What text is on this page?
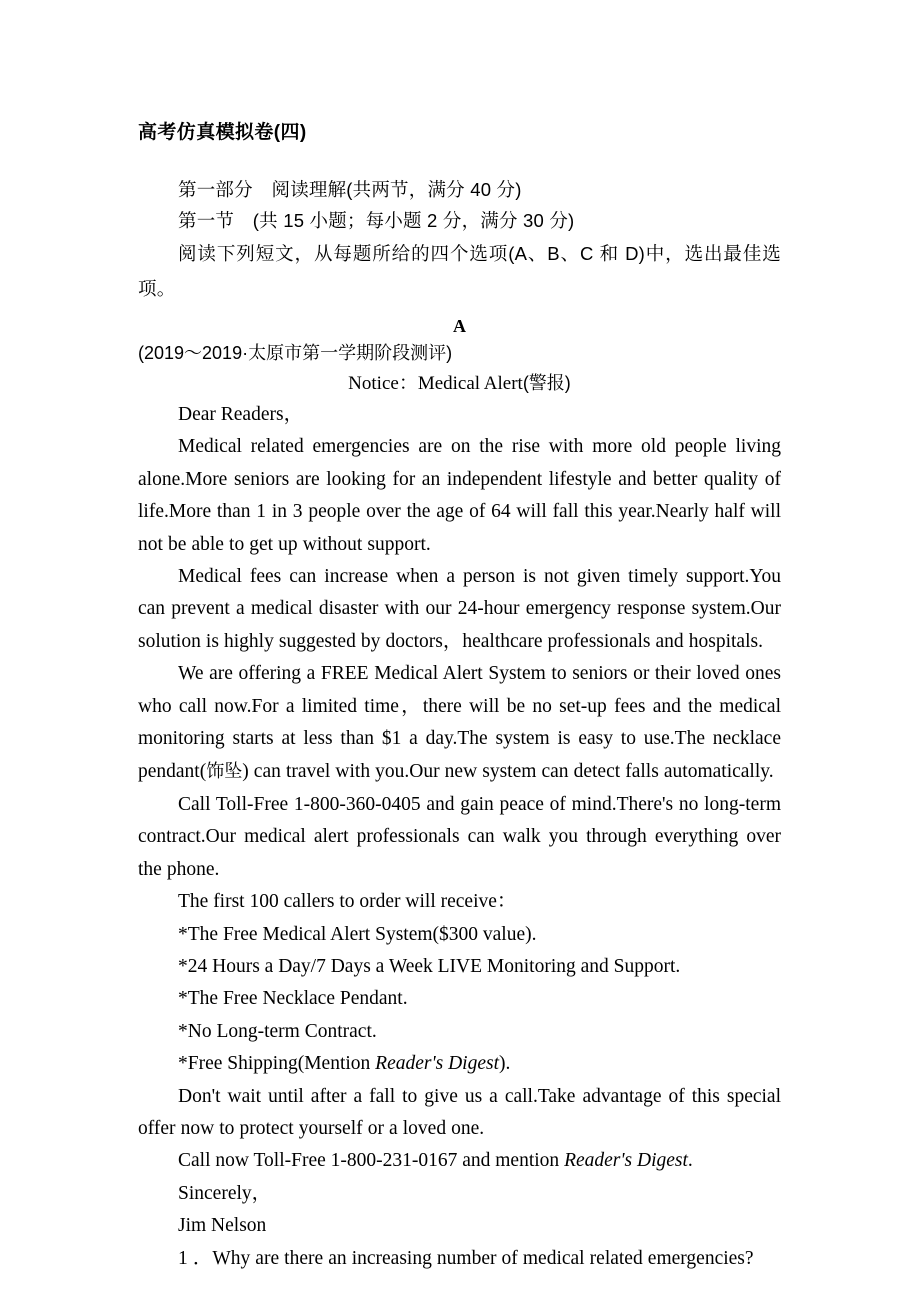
高考仿真模拟卷(四)

第一部分　阅读理解(共两节，满分 40 分)

第一节　(共 15 小题；每小题 2 分，满分 30 分)

阅读下列短文，从每题所给的四个选项(A、B、C 和 D)中，选出最佳选项。

A

(2019～2019·太原市第一学期阶段测评)

Notice：Medical Alert(警报)

Dear Readers，

Medical related emergencies are on the rise with more old people living alone.More seniors are looking for an independent lifestyle and better quality of life.More than 1 in 3 people over the age of 64 will fall this year.Nearly half will not be able to get up without support.

Medical fees can increase when a person is not given timely support.You can prevent a medical disaster with our 24-hour emergency response system.Our solution is highly suggested by doctors，healthcare professionals and hospitals.

We are offering a FREE Medical Alert System to seniors or their loved ones who call now.For a limited time，there will be no set-up fees and the medical monitoring starts at less than $1 a day.The system is easy to use.The necklace pendant(饰坠) can travel with you.Our new system can detect falls automatically.

Call Toll-Free 1-800-360-0405 and gain peace of mind.There's no long-term contract.Our medical alert professionals can walk you through everything over the phone.

The first 100 callers to order will receive：

*The Free Medical Alert System($300 value).

*24 Hours a Day/7 Days a Week LIVE Monitoring and Support.

*The Free Necklace Pendant.

*No Long-term Contract.

*Free Shipping(Mention Reader's Digest).

Don't wait until after a fall to give us a call.Take advantage of this special offer now to protect yourself or a loved one.

Call now Toll-Free 1-800-231-0167 and mention Reader's Digest.

Sincerely，

Jim Nelson

1 ．Why are there an increasing number of medical related emergencies?
